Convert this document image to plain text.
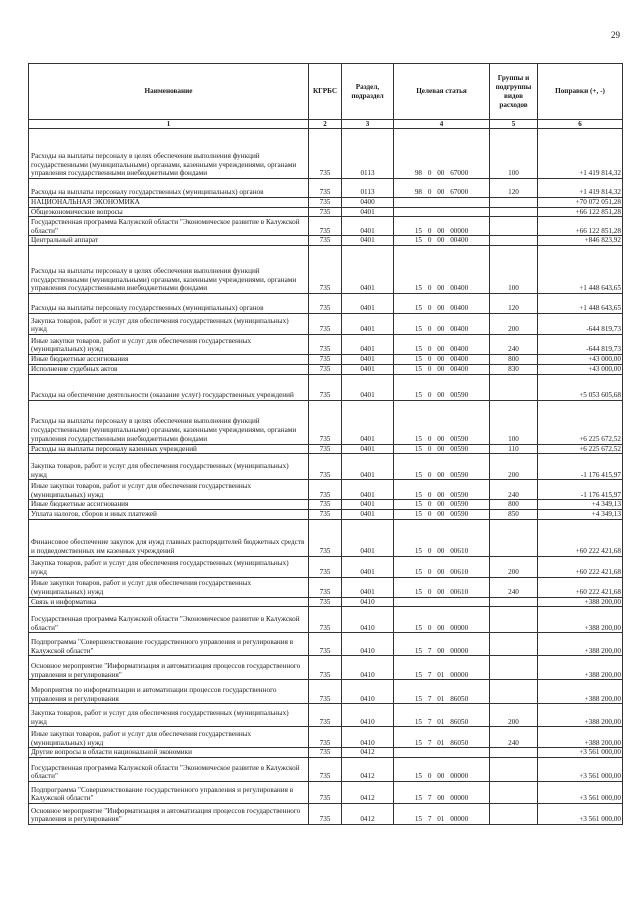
29
Наименование	КГРБС	Раздел, подраздел	Целевая статья	Группы и подгруппы видов расходов	Поправки (+, -)
1	2	3	4	5	6
Расходы на выплаты персоналу в целях обеспечения выполнения функций государственными (муниципальными) органами, казенными учреждениями, органами управления государственными внебюджетными фондами	735	0113	98 0 00 67000	100	+1 419 814,32
Расходы на выплаты персоналу государственных (муниципальных) органов	735	0113	98 0 00 67000	120	+1 419 814,32
НАЦИОНАЛЬНАЯ ЭКОНОМИКА	735	0400			+70 072 051,28
Общеэкономические вопросы	735	0401			+66 122 851,28
Государственная программа Калужской области "Экономическое развитие в Калужской области"	735	0401	15 0 00 00000		+66 122 851,28
Центральный аппарат	735	0401	15 0 00 00400		+846 823,92
Расходы на выплаты персоналу в целях обеспечения выполнения функций государственными (муниципальными) органами, казенными учреждениями, органами управления государственными внебюджетными фондами	735	0401	15 0 00 00400	100	+1 448 643,65
Расходы на выплаты персоналу государственных (муниципальных) органов	735	0401	15 0 00 00400	120	+1 448 643,65
Закупка товаров, работ и услуг для обеспечения государственных (муниципальных) нужд	735	0401	15 0 00 00400	200	-644 819,73
Иные закупки товаров, работ и услуг для обеспечения государственных (муниципальных) нужд	735	0401	15 0 00 00400	240	-644 819,73
Иные бюджетные ассигнования	735	0401	15 0 00 00400	800	+43 000,00
Исполнение судебных актов	735	0401	15 0 00 00400	830	+43 000,00
Расходы на обеспечение деятельности (оказание услуг) государственных учреждений	735	0401	15 0 00 00590		+5 053 605,68
Расходы на выплаты персоналу в целях обеспечения выполнения функций государственными (муниципальными) органами, казенными учреждениями, органами управления государственными внебюджетными фондами	735	0401	15 0 00 00590	100	+6 225 672,52
Расходы на выплаты персоналу казенных учреждений	735	0401	15 0 00 00590	110	+6 225 672,52
Закупка товаров, работ и услуг для обеспечения государственных (муниципальных) нужд	735	0401	15 0 00 00590	200	-1 176 415,97
Иные закупки товаров, работ и услуг для обеспечения государственных (муниципальных) нужд	735	0401	15 0 00 00590	240	-1 176 415,97
Иные бюджетные ассигнования	735	0401	15 0 00 00590	800	+4 349,13
Уплата налогов, сборов и иных платежей	735	0401	15 0 00 00590	850	+4 349,13
Финансовое обеспечение закупок для нужд главных распорядителей бюджетных средств и подведомственных им казенных учреждений	735	0401	15 0 00 00610		+60 222 421,68
Закупка товаров, работ и услуг для обеспечения государственных (муниципальных) нужд	735	0401	15 0 00 00610	200	+60 222 421,68
Иные закупки товаров, работ и услуг для обеспечения государственных (муниципальных) нужд	735	0401	15 0 00 00610	240	+60 222 421,68
Связь и информатика	735	0410			+388 200,00
Государственная программа Калужской области "Экономическое развитие в Калужской области"	735	0410	15 0 00 00000		+388 200,00
Подпрограмма "Совершенствование государственного управления и регулирования в Калужской области"	735	0410	15 7 00 00000		+388 200,00
Основное мероприятие "Информатизация и автоматизация процессов государственного управления и регулирования"	735	0410	15 7 01 00000		+388 200,00
Мероприятия по информатизации и автоматизации процессов государственного управления и регулирования	735	0410	15 7 01 86050		+388 200,00
Закупка товаров, работ и услуг для обеспечения государственных (муниципальных) нужд	735	0410	15 7 01 86050	200	+388 200,00
Иные закупки товаров, работ и услуг для обеспечения государственных (муниципальных) нужд	735	0410	15 7 01 86050	240	+388 200,00
Другие вопросы в области национальной экономики	735	0412			+3 561 000,00
Государственная программа Калужской области "Экономическое развитие в Калужской области"	735	0412	15 0 00 00000		+3 561 000,00
Подпрограмма "Совершенствование государственного управления и регулирования в Калужской области"	735	0412	15 7 00 00000		+3 561 000,00
Основное мероприятие "Информатизация и автоматизация процессов государственного управления и регулирования"	735	0412	15 7 01 00000		+3 561 000,00
